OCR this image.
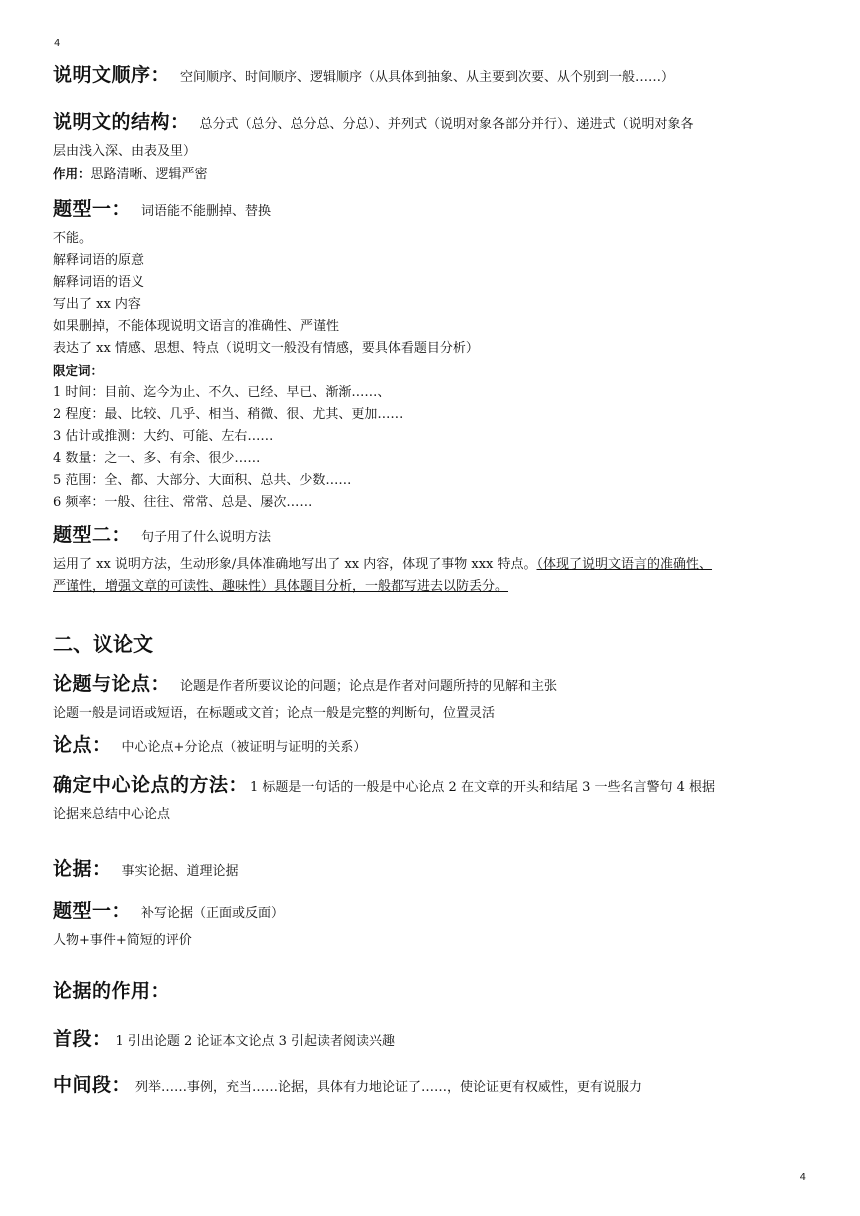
4
说明文顺序： 空间顺序、时间顺序、逻辑顺序（从具体到抽象、从主要到次要、从个别到一般……）
说明文的结构： 总分式（总分、总分总、分总）、并列式（说明对象各部分并行）、递进式（说明对象各

层由浅入深、由表及里）

作用：思路清晰、逻辑严密

题型一： 词语能不能删掉、替换

不能。

解释词语的原意

解释词语的语义

写出了 xx 内容

如果删掉，不能体现说明文语言的准确性、严谨性

表达了 xx 情感、思想、特点（说明文一般没有情感，要具体看题目分析）

限定词：

1 时间：目前、迄今为止、不久、已经、早已、渐渐……、

2 程度：最、比较、几乎、相当、稍微、很、尤其、更加……

3 估计或推测：大约、可能、左右……

4 数量：之一、多、有余、很少……

5 范围：全、都、大部分、大面积、总共、少数……

6 频率：一般、往往、常常、总是、屡次……

题型二： 句子用了什么说明方法

运用了 xx 说明方法，生动形象/具体准确地写出了 xx 内容，体现了事物 xxx 特点。（体现了说明文语言的准确性、

严谨性，增强文章的可读性、趣味性）具体题目分析，一般都写进去以防丢分。

二、议论文

论题与论点： 论题是作者所要议论的问题；论点是作者对问题所持的见解和主张

论题一般是词语或短语，在标题或文首；论点一般是完整的判断句，位置灵活

论点： 中心论点+分论点（被证明与证明的关系）
确定中心论点的方法： 1 标题是一句话的一般是中心论点 2 在文章的开头和结尾 3 一些名言警句 4 根据

论据来总结中心论点

论据： 事实论据、道理论据
题型一： 补写论据（正面或反面）

人物+事件+简短的评价

论据的作用：
首段： 1 引出论题 2 论证本文论点 3 引起读者阅读兴趣
中间段： 列举……事例，充当……论据，具体有力地论证了……，使论证更有权威性，更有说服力
4
